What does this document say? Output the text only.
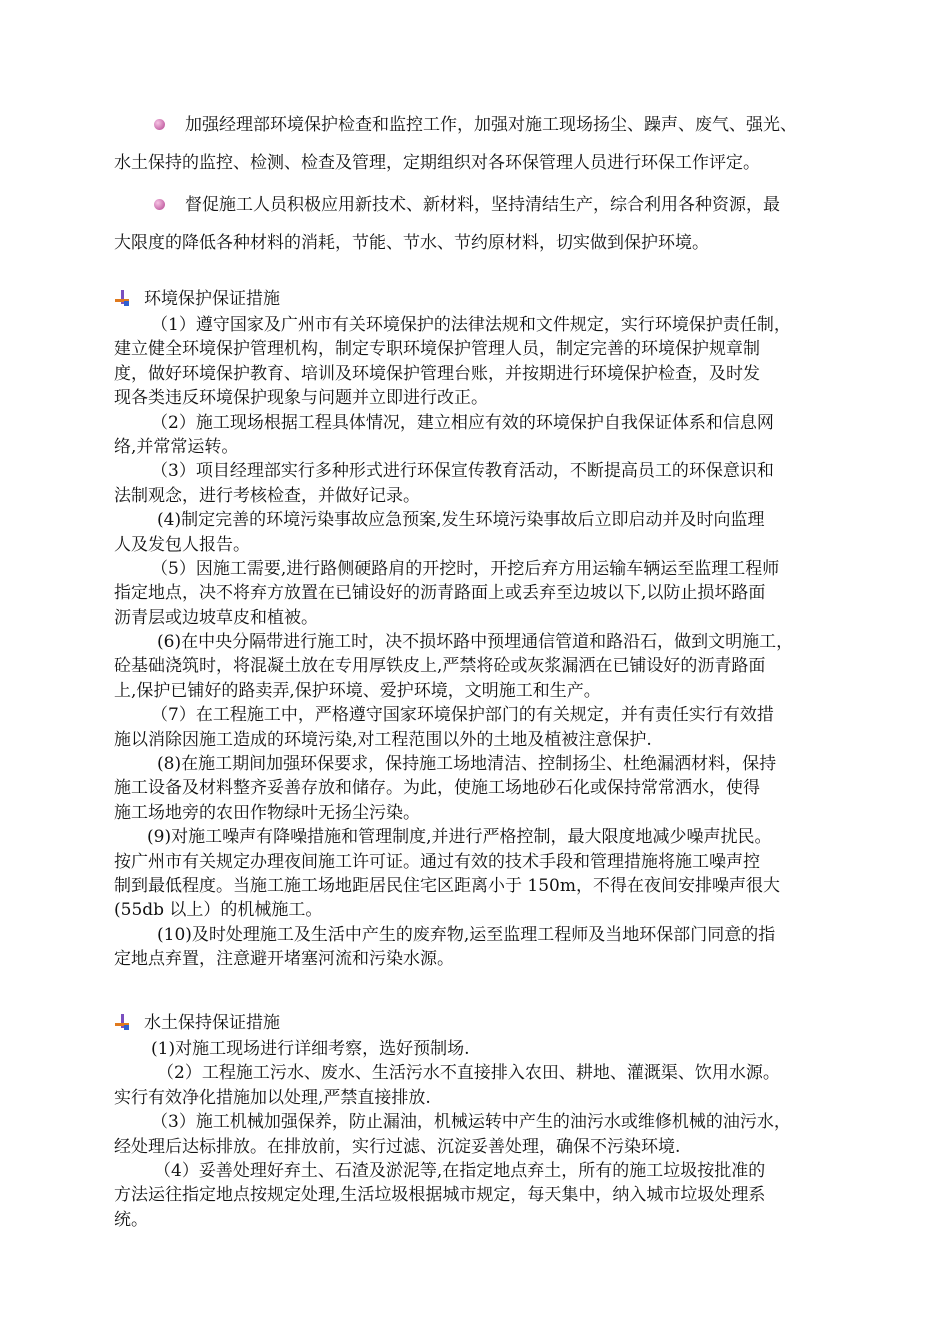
加强经理部环境保护检查和监控工作，加强对施工现场扬尘、躁声、废气、强光、
水土保持的监控、检测、检查及管理，定期组织对各环保管理人员进行环保工作评定。
督促施工人员积极应用新技术、新材料，坚持清结生产，综合利用各种资源，最
大限度的降低各种材料的消耗，节能、节水、节约原材料，切实做到保护环境。
环境保护保证措施
（1）遵守国家及广州市有关环境保护的法律法规和文件规定，实行环境保护责任制，
建立健全环境保护管理机构，制定专职环境保护管理人员，制定完善的环境保护规章制
度，做好环境保护教育、培训及环境保护管理台账，并按期进行环境保护检查，及时发
现各类违反环境保护现象与问题并立即进行改正。
（2）施工现场根据工程具体情况，建立相应有效的环境保护自我保证体系和信息网
络,并常常运转。
（3）项目经理部实行多种形式进行环保宣传教育活动，不断提高员工的环保意识和
法制观念，进行考核检查，并做好记录。
(4)制定完善的环境污染事故应急预案,发生环境污染事故后立即启动并及时向监理
人及发包人报告。
（5）因施工需要,进行路侧硬路肩的开挖时，开挖后弃方用运输车辆运至监理工程师
指定地点，决不将弃方放置在已铺设好的沥青路面上或丢弃至边坡以下,以防止损坏路面
沥青层或边坡草皮和植被。
(6)在中央分隔带进行施工时，决不损坏路中预埋通信管道和路沿石，做到文明施工，
砼基础浇筑时，将混凝土放在专用厚铁皮上,严禁将砼或灰浆漏洒在已铺设好的沥青路面
上,保护已铺好的路卖弄,保护环境、爱护环境，文明施工和生产。
（7）在工程施工中，严格遵守国家环境保护部门的有关规定，并有责任实行有效措
施以消除因施工造成的环境污染,对工程范围以外的土地及植被注意保护.
(8)在施工期间加强环保要求，保持施工场地清洁、控制扬尘、杜绝漏洒材料，保持
施工设备及材料整齐妥善存放和储存。为此，使施工场地砂石化或保持常常洒水，使得
施工场地旁的农田作物绿叶无扬尘污染。
(9)对施工噪声有降噪措施和管理制度,并进行严格控制，最大限度地减少噪声扰民。
按广州市有关规定办理夜间施工许可证。通过有效的技术手段和管理措施将施工噪声控
制到最低程度。当施工施工场地距居民住宅区距离小于 150m，不得在夜间安排噪声很大
(55db 以上）的机械施工。
(10)及时处理施工及生活中产生的废弃物,运至监理工程师及当地环保部门同意的指
定地点弃置，注意避开堵塞河流和污染水源。
水土保持保证措施
(1)对施工现场进行详细考察，选好预制场.
（2）工程施工污水、废水、生活污水不直接排入农田、耕地、灌溉渠、饮用水源。
实行有效净化措施加以处理,严禁直接排放.
（3）施工机械加强保养，防止漏油，机械运转中产生的油污水或维修机械的油污水，
经处理后达标排放。在排放前，实行过滤、沉淀妥善处理，确保不污染环境.
（4）妥善处理好弃土、石渣及淤泥等,在指定地点弃土，所有的施工垃圾按批准的
方法运往指定地点按规定处理,生活垃圾根据城市规定，每天集中，纳入城市垃圾处理系
统。
